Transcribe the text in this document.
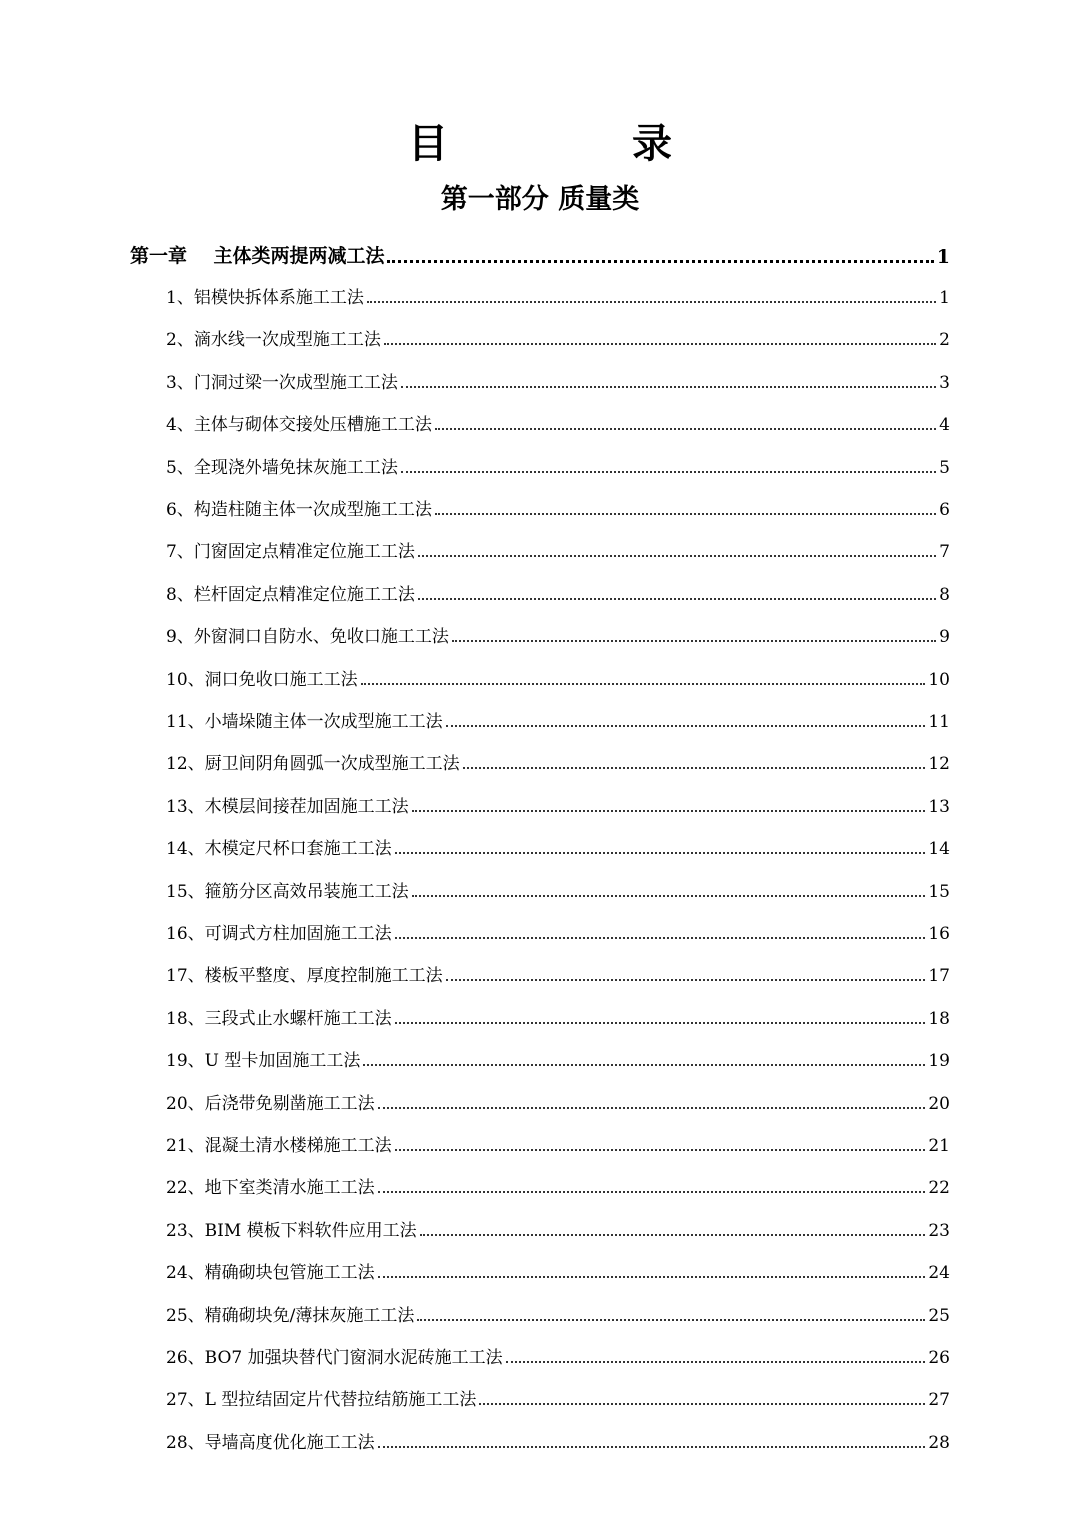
目　录
第一部分 质量类
第一章    主体类两提两减工法	1
1、铝模快拆体系施工工法	1
2、滴水线一次成型施工工法	2
3、门洞过梁一次成型施工工法	3
4、主体与砌体交接处压槽施工工法	4
5、全现浇外墙免抹灰施工工法	5
6、构造柱随主体一次成型施工工法	6
7、门窗固定点精准定位施工工法	7
8、栏杆固定点精准定位施工工法	8
9、外窗洞口自防水、免收口施工工法	9
10、洞口免收口施工工法	10
11、小墙垛随主体一次成型施工工法	11
12、厨卫间阴角圆弧一次成型施工工法	12
13、木模层间接茬加固施工工法	13
14、木模定尺杯口套施工工法	14
15、箍筋分区高效吊装施工工法	15
16、可调式方柱加固施工工法	16
17、楼板平整度、厚度控制施工工法	17
18、三段式止水螺杆施工工法	18
19、U 型卡加固施工工法	19
20、后浇带免剔凿施工工法	20
21、混凝土清水楼梯施工工法	21
22、地下室类清水施工工法	22
23、BIM 模板下料软件应用工法	23
24、精确砌块包管施工工法	24
25、精确砌块免/薄抹灰施工工法	25
26、BO7 加强块替代门窗洞水泥砖施工工法	26
27、L 型拉结固定片代替拉结筋施工工法	27
28、导墙高度优化施工工法	28
